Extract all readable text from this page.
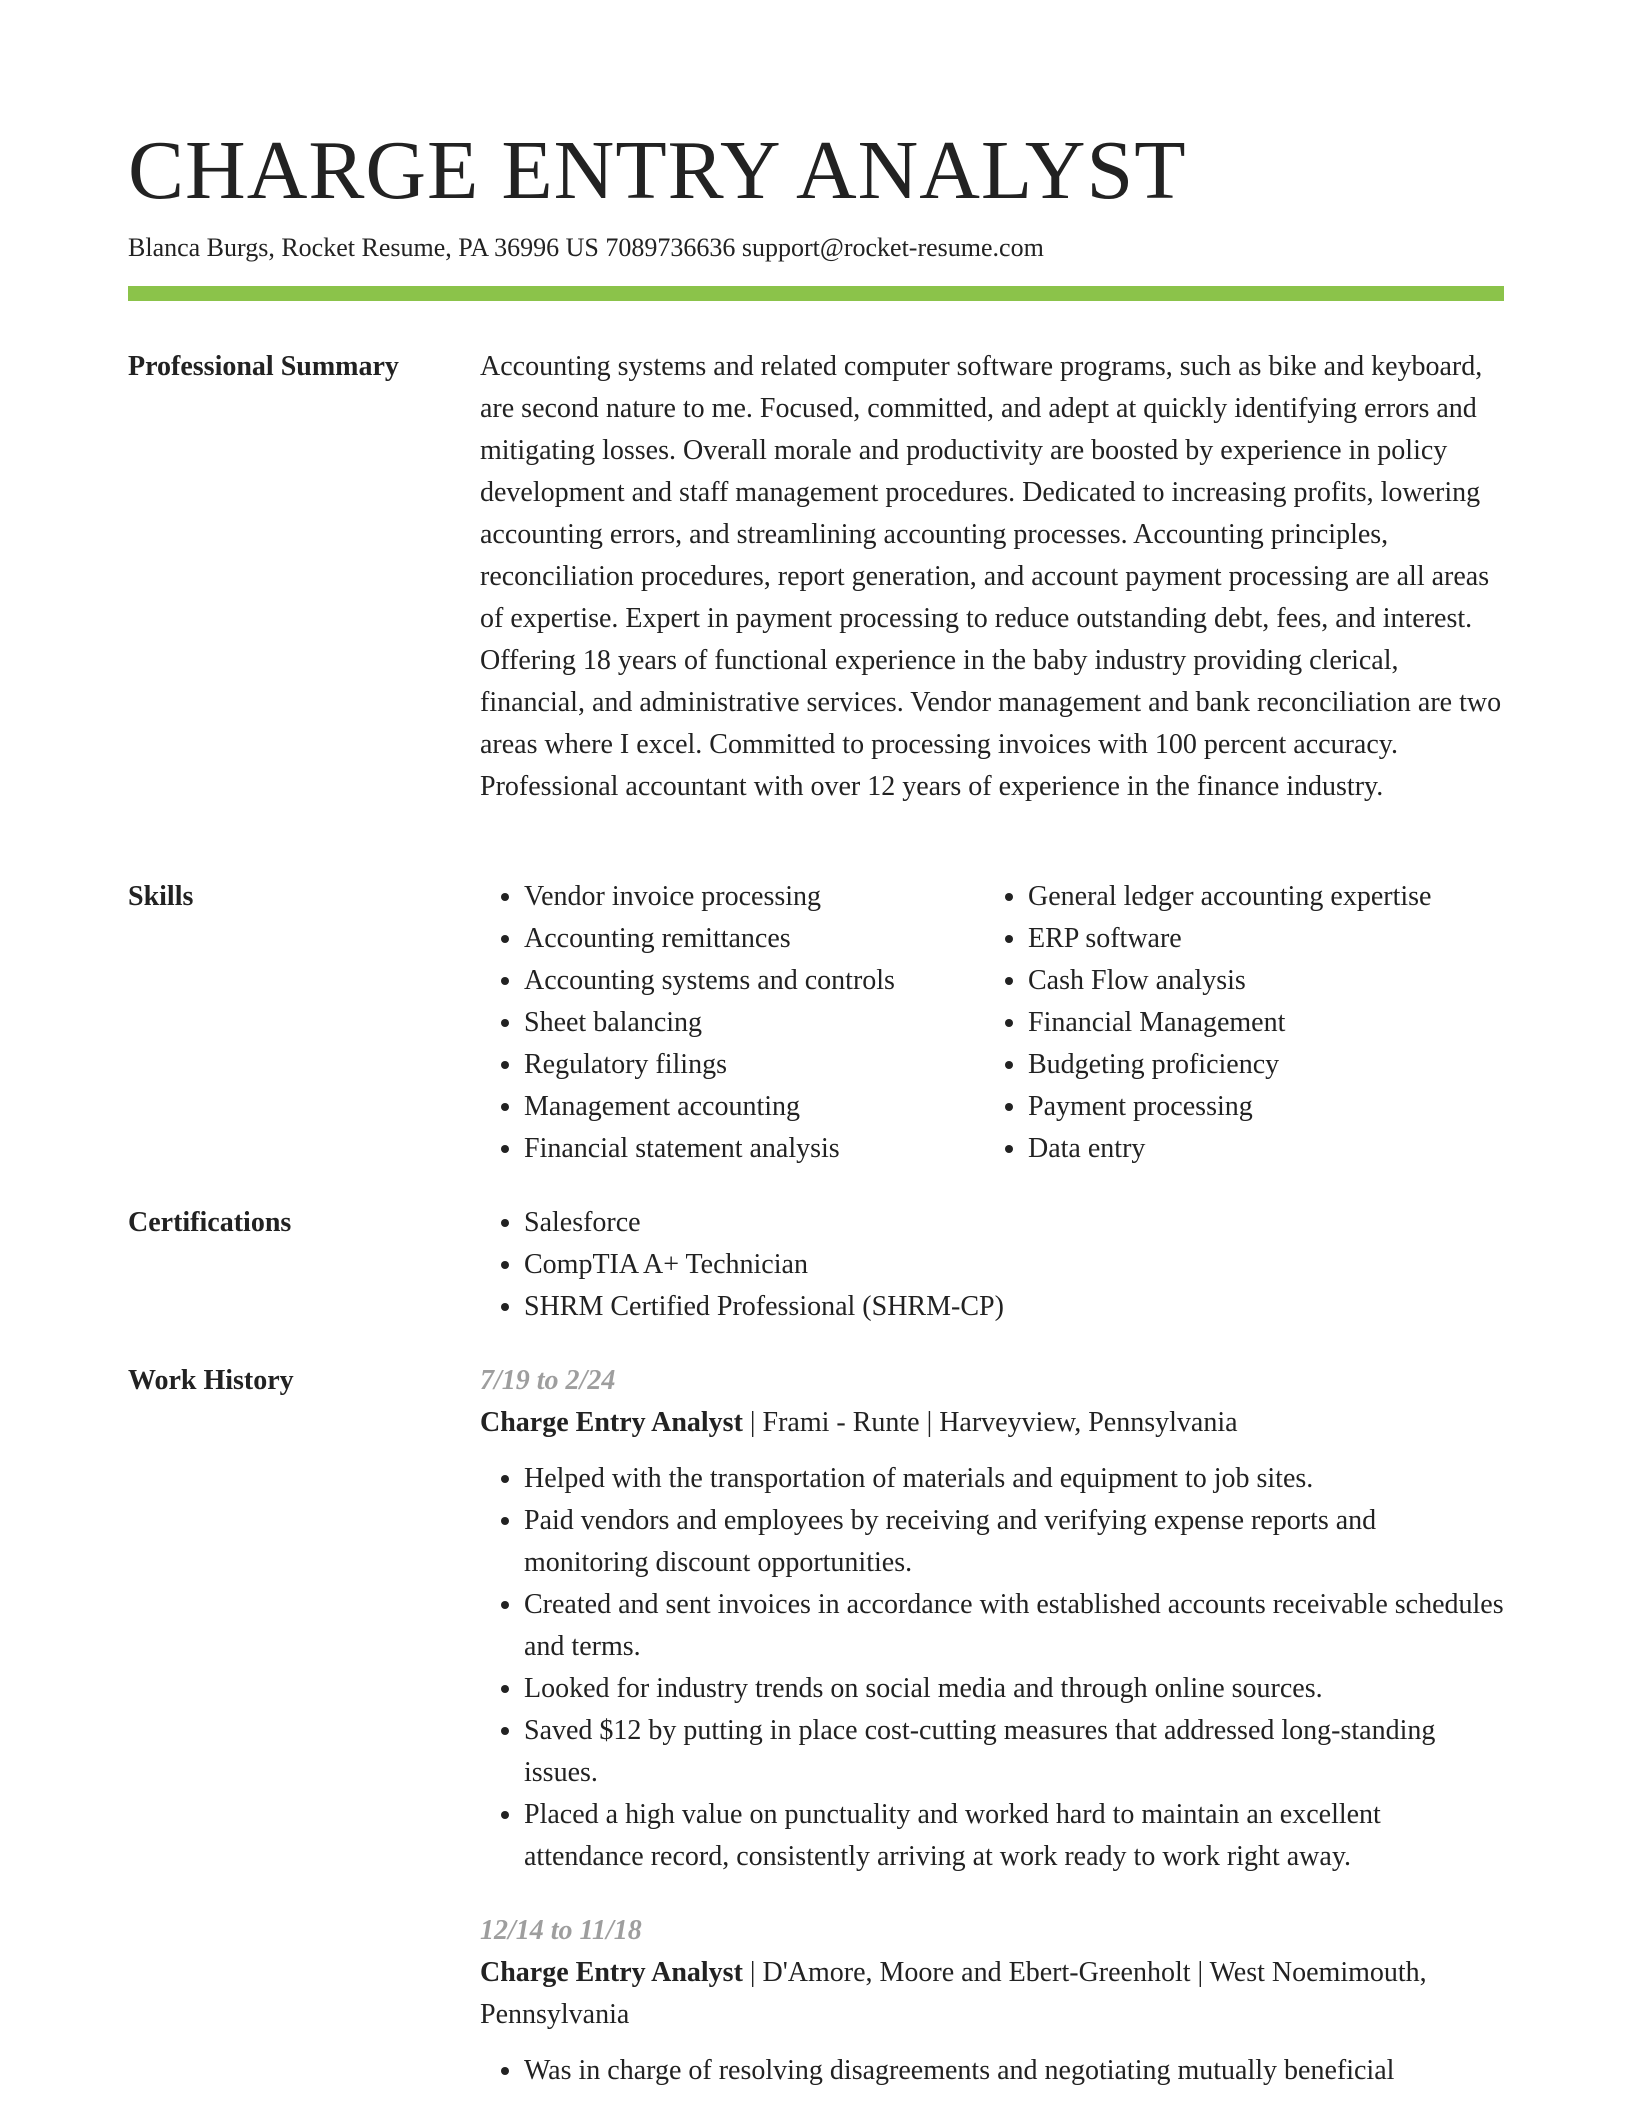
CHARGE ENTRY ANALYST
Blanca Burgs, Rocket Resume, PA 36996 US 7089736636 support@rocket-resume.com
Professional Summary	Accounting systems and related computer software programs, such as bike and keyboard, are second nature to me. Focused, committed, and adept at quickly identifying errors and mitigating losses. Overall morale and productivity are boosted by experience in policy development and staff management procedures. Dedicated to increasing profits, lowering accounting errors, and streamlining accounting processes. Accounting principles, reconciliation procedures, report generation, and account payment processing are all areas of expertise. Expert in payment processing to reduce outstanding debt, fees, and interest. Offering 18 years of functional experience in the baby industry providing clerical, financial, and administrative services. Vendor management and bank reconciliation are two areas where I excel. Committed to processing invoices with 100 percent accuracy. Professional accountant with over 12 years of experience in the finance industry.

Skills	• Vendor invoice processing
• Accounting remittances
• Accounting systems and controls
• Sheet balancing
• Regulatory filings
• Management accounting
• Financial statement analysis
• General ledger accounting expertise
• ERP software
• Cash Flow analysis
• Financial Management
• Budgeting proficiency
• Payment processing
• Data entry
Certifications	• Salesforce
• CompTIA A+ Technician
• SHRM Certified Professional (SHRM-CP)
Work History	7/19 to 2/24
Charge Entry Analyst | Frami - Runte | Harveyview, Pennsylvania
• Helped with the transportation of materials and equipment to job sites.
• Paid vendors and employees by receiving and verifying expense reports and monitoring discount opportunities.
• Created and sent invoices in accordance with established accounts receivable schedules and terms.
• Looked for industry trends on social media and through online sources.
• Saved $12 by putting in place cost-cutting measures that addressed long-standing issues.
• Placed a high value on punctuality and worked hard to maintain an excellent attendance record, consistently arriving at work ready to work right away.
12/14 to 11/18
Charge Entry Analyst | D'Amore, Moore and Ebert-Greenholt | West Noemimouth, Pennsylvania
• Was in charge of resolving disagreements and negotiating mutually beneficial
